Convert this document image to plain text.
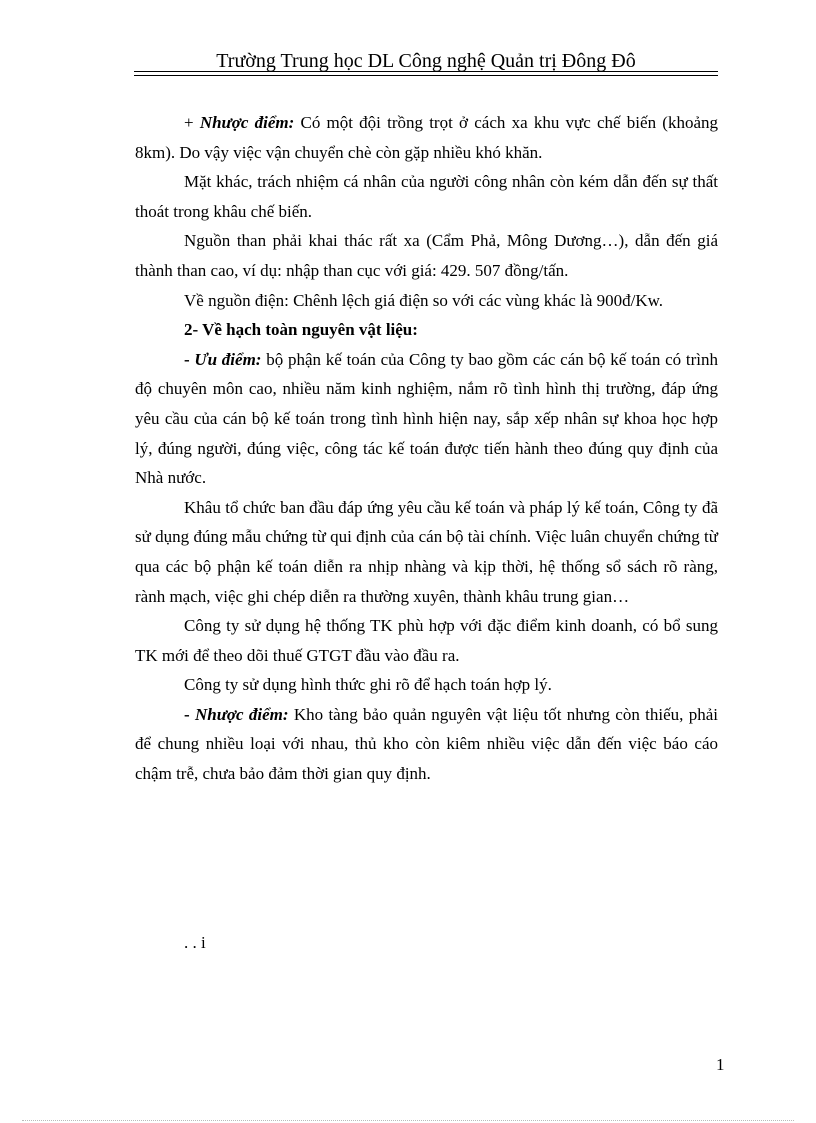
Trường Trung học DL Công nghệ Quản trị Đông Đô

+ Nhược điểm: Có một đội trồng trọt ở cách xa khu vực chế biến (khoảng 8km). Do vậy việc vận chuyển chè còn gặp nhiều khó khăn.

Mặt khác, trách nhiệm cá nhân của người công nhân còn kém dẫn đến sự thất thoát trong khâu chế biến.

Nguồn than phải khai thác rất xa (Cẩm Phả, Mông Dương…), dẫn đến giá thành than cao, ví dụ: nhập than cục với giá: 429. 507 đồng/tấn.

Về nguồn điện: Chênh lệch giá điện so với các vùng khác là 900đ/Kw.

2- Về hạch toàn nguyên vật liệu:

- Ưu điểm: bộ phận kế toán của Công ty bao gồm các cán bộ kế toán có trình độ chuyên môn cao, nhiều năm kinh nghiệm, nắm rõ tình hình thị trường, đáp ứng yêu cầu của cán bộ kế toán trong tình hình hiện nay, sắp xếp nhân sự khoa học hợp lý, đúng người, đúng việc, công tác kế toán được tiến hành theo đúng quy định của Nhà nước.

Khâu tổ chức ban đầu đáp ứng yêu cầu kế toán và pháp lý kế toán, Công ty đã sử dụng đúng mẫu chứng từ qui định của cán bộ tài chính. Việc luân chuyển chứng từ qua các bộ phận kế toán diễn ra nhịp nhàng và kịp thời, hệ thống sổ sách rõ ràng, rành mạch, việc ghi chép diễn ra thường xuyên, thành khâu trung gian…

Công ty sử dụng hệ thống TK phù hợp với đặc điểm kinh doanh, có bổ sung TK mới để theo dõi thuế GTGT đầu vào đầu ra.

Công ty sử dụng hình thức ghi rõ để hạch toán hợp lý.

- Nhược điểm: Kho tàng bảo quản nguyên vật liệu tốt nhưng còn thiếu, phải để chung nhiều loại với nhau, thủ kho còn kiêm nhiều việc dẫn đến việc báo cáo chậm trễ, chưa bảo đảm thời gian quy định.

. . i
1
